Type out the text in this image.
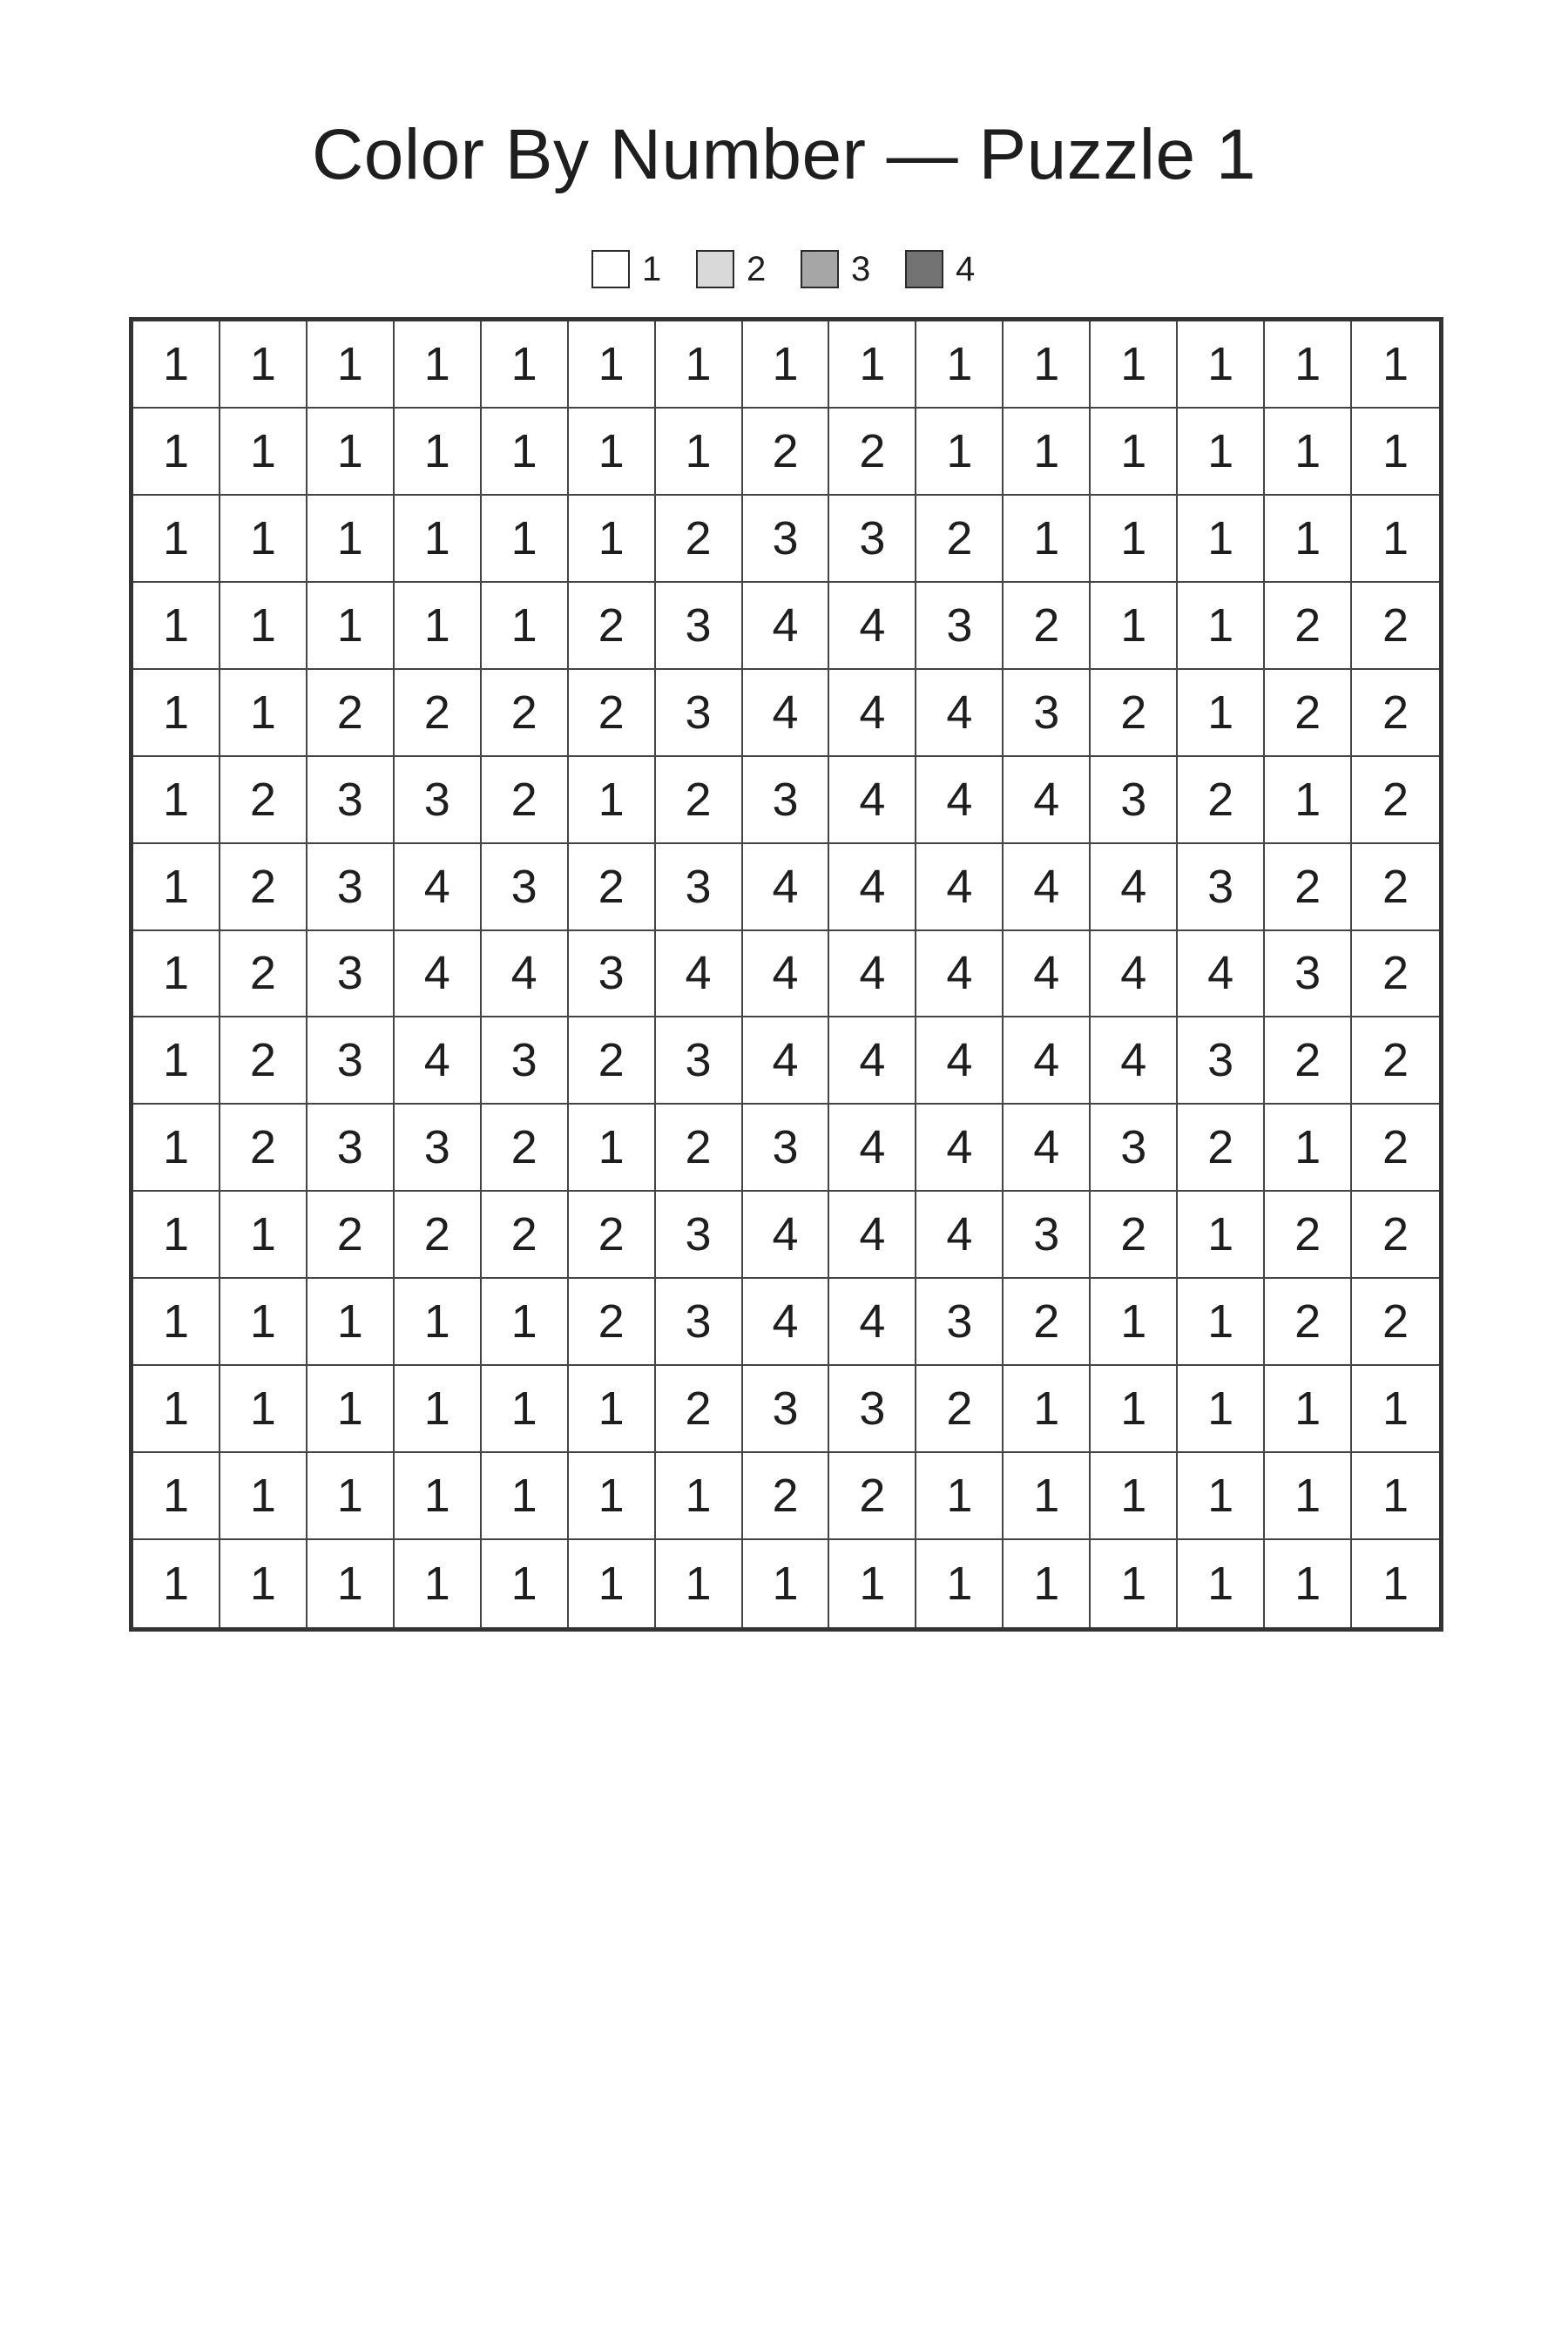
Color By Number — Puzzle 1
1 2 3 4
1	1	1	1	1	1	1	1	1	1	1	1	1	1	1
1	1	1	1	1	1	1	2	2	1	1	1	1	1	1
1	1	1	1	1	1	2	3	3	2	1	1	1	1	1
1	1	1	1	1	2	3	4	4	3	2	1	1	2	2
1	1	2	2	2	2	3	4	4	4	3	2	1	2	2
1	2	3	3	2	1	2	3	4	4	4	3	2	1	2
1	2	3	4	3	2	3	4	4	4	4	4	3	2	2
1	2	3	4	4	3	4	4	4	4	4	4	4	3	2
1	2	3	4	3	2	3	4	4	4	4	4	3	2	2
1	2	3	3	2	1	2	3	4	4	4	3	2	1	2
1	1	2	2	2	2	3	4	4	4	3	2	1	2	2
1	1	1	1	1	2	3	4	4	3	2	1	1	2	2
1	1	1	1	1	1	2	3	3	2	1	1	1	1	1
1	1	1	1	1	1	1	2	2	1	1	1	1	1	1
1	1	1	1	1	1	1	1	1	1	1	1	1	1	1
